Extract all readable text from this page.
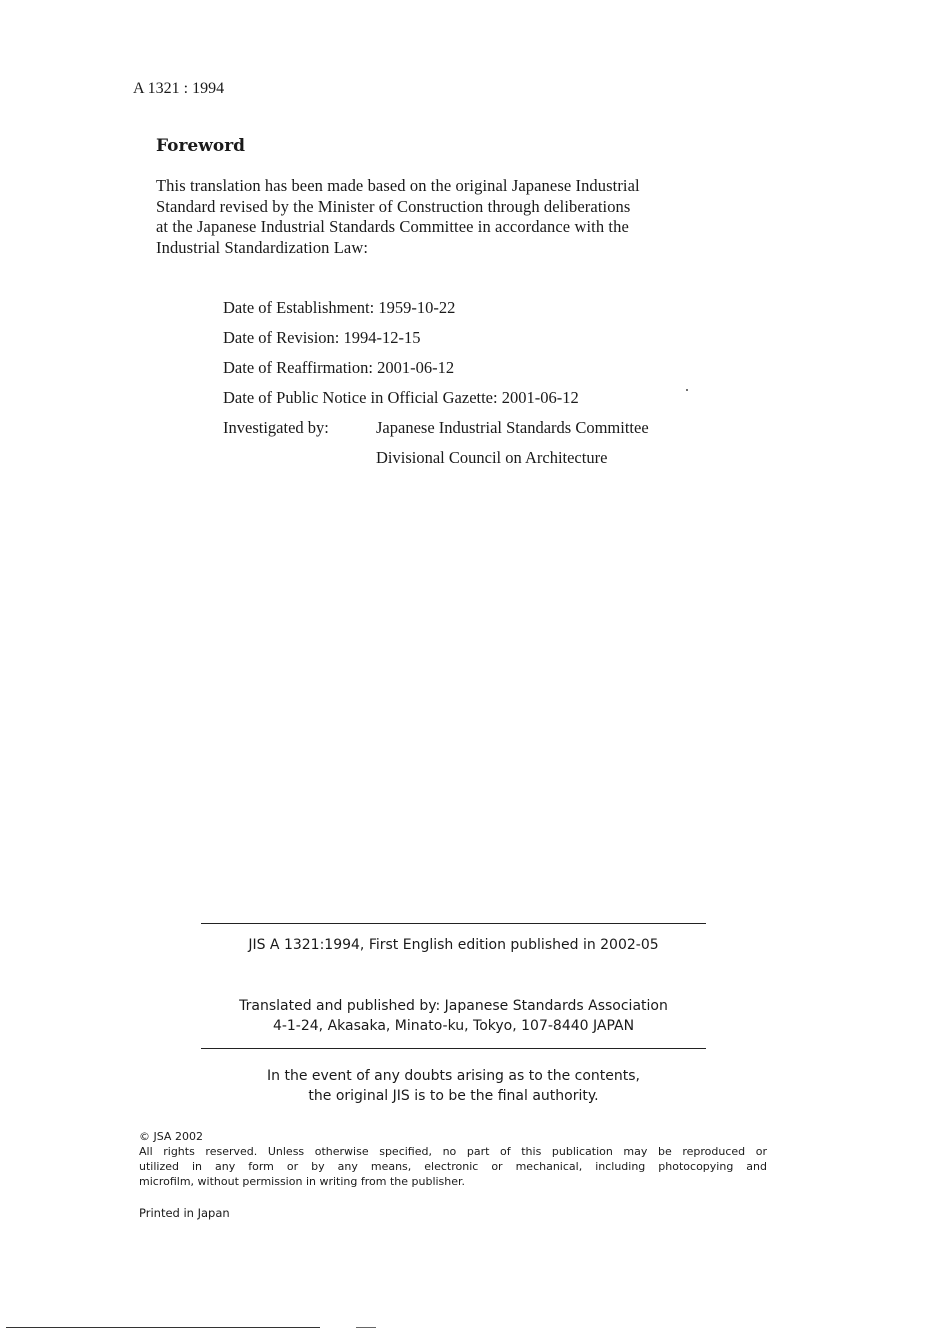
A 1321 : 1994
Foreword
This translation has been made based on the original Japanese Industrial
Standard revised by the Minister of Construction through deliberations
at the Japanese Industrial Standards Committee in accordance with the
Industrial Standardization Law:
Date of Establishment: 1959-10-22
Date of Revision: 1994-12-15
Date of Reaffirmation: 2001-06-12
Date of Public Notice in Official Gazette: 2001-06-12
Investigated by:	Japanese Industrial Standards Committee
Divisional Council on Architecture
JIS A 1321:1994, First English edition published in 2002-05
Translated and published by: Japanese Standards Association
4-1-24, Akasaka, Minato-ku, Tokyo, 107-8440 JAPAN
In the event of any doubts arising as to the contents,
the original JIS is to be the final authority.
© JSA 2002
All rights reserved. Unless otherwise specified, no part of this publication may be reproduced or
utilized in any form or by any means, electronic or mechanical, including photocopying and
microfilm, without permission in writing from the publisher.
Printed in Japan
